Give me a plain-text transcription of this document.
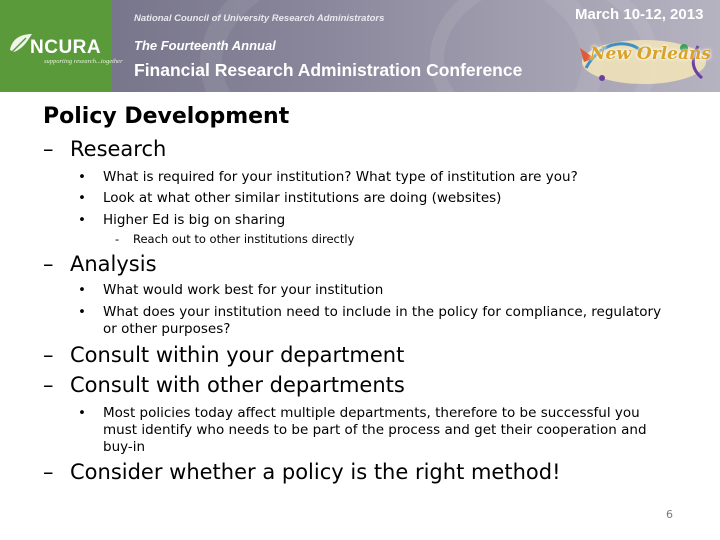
NCURA
supporting research...together
National Council of University Research Administrators	March 10-12, 2013
The Fourteenth Annual
Financial Research Administration Conference
New Orleans
Policy Development
– Research
• What is required for your institution? What type of institution are you?
• Look at what other similar institutions are doing (websites)
• Higher Ed is big on sharing
- Reach out to other institutions directly
– Analysis
• What would work best for your institution
• What does your institution need to include in the policy for compliance, regulatory or other purposes?
– Consult within your department
– Consult with other departments
• Most policies today affect multiple departments, therefore to be successful you must identify who needs to be part of the process and get their cooperation and buy-in
– Consider whether a policy is the right method!
6
